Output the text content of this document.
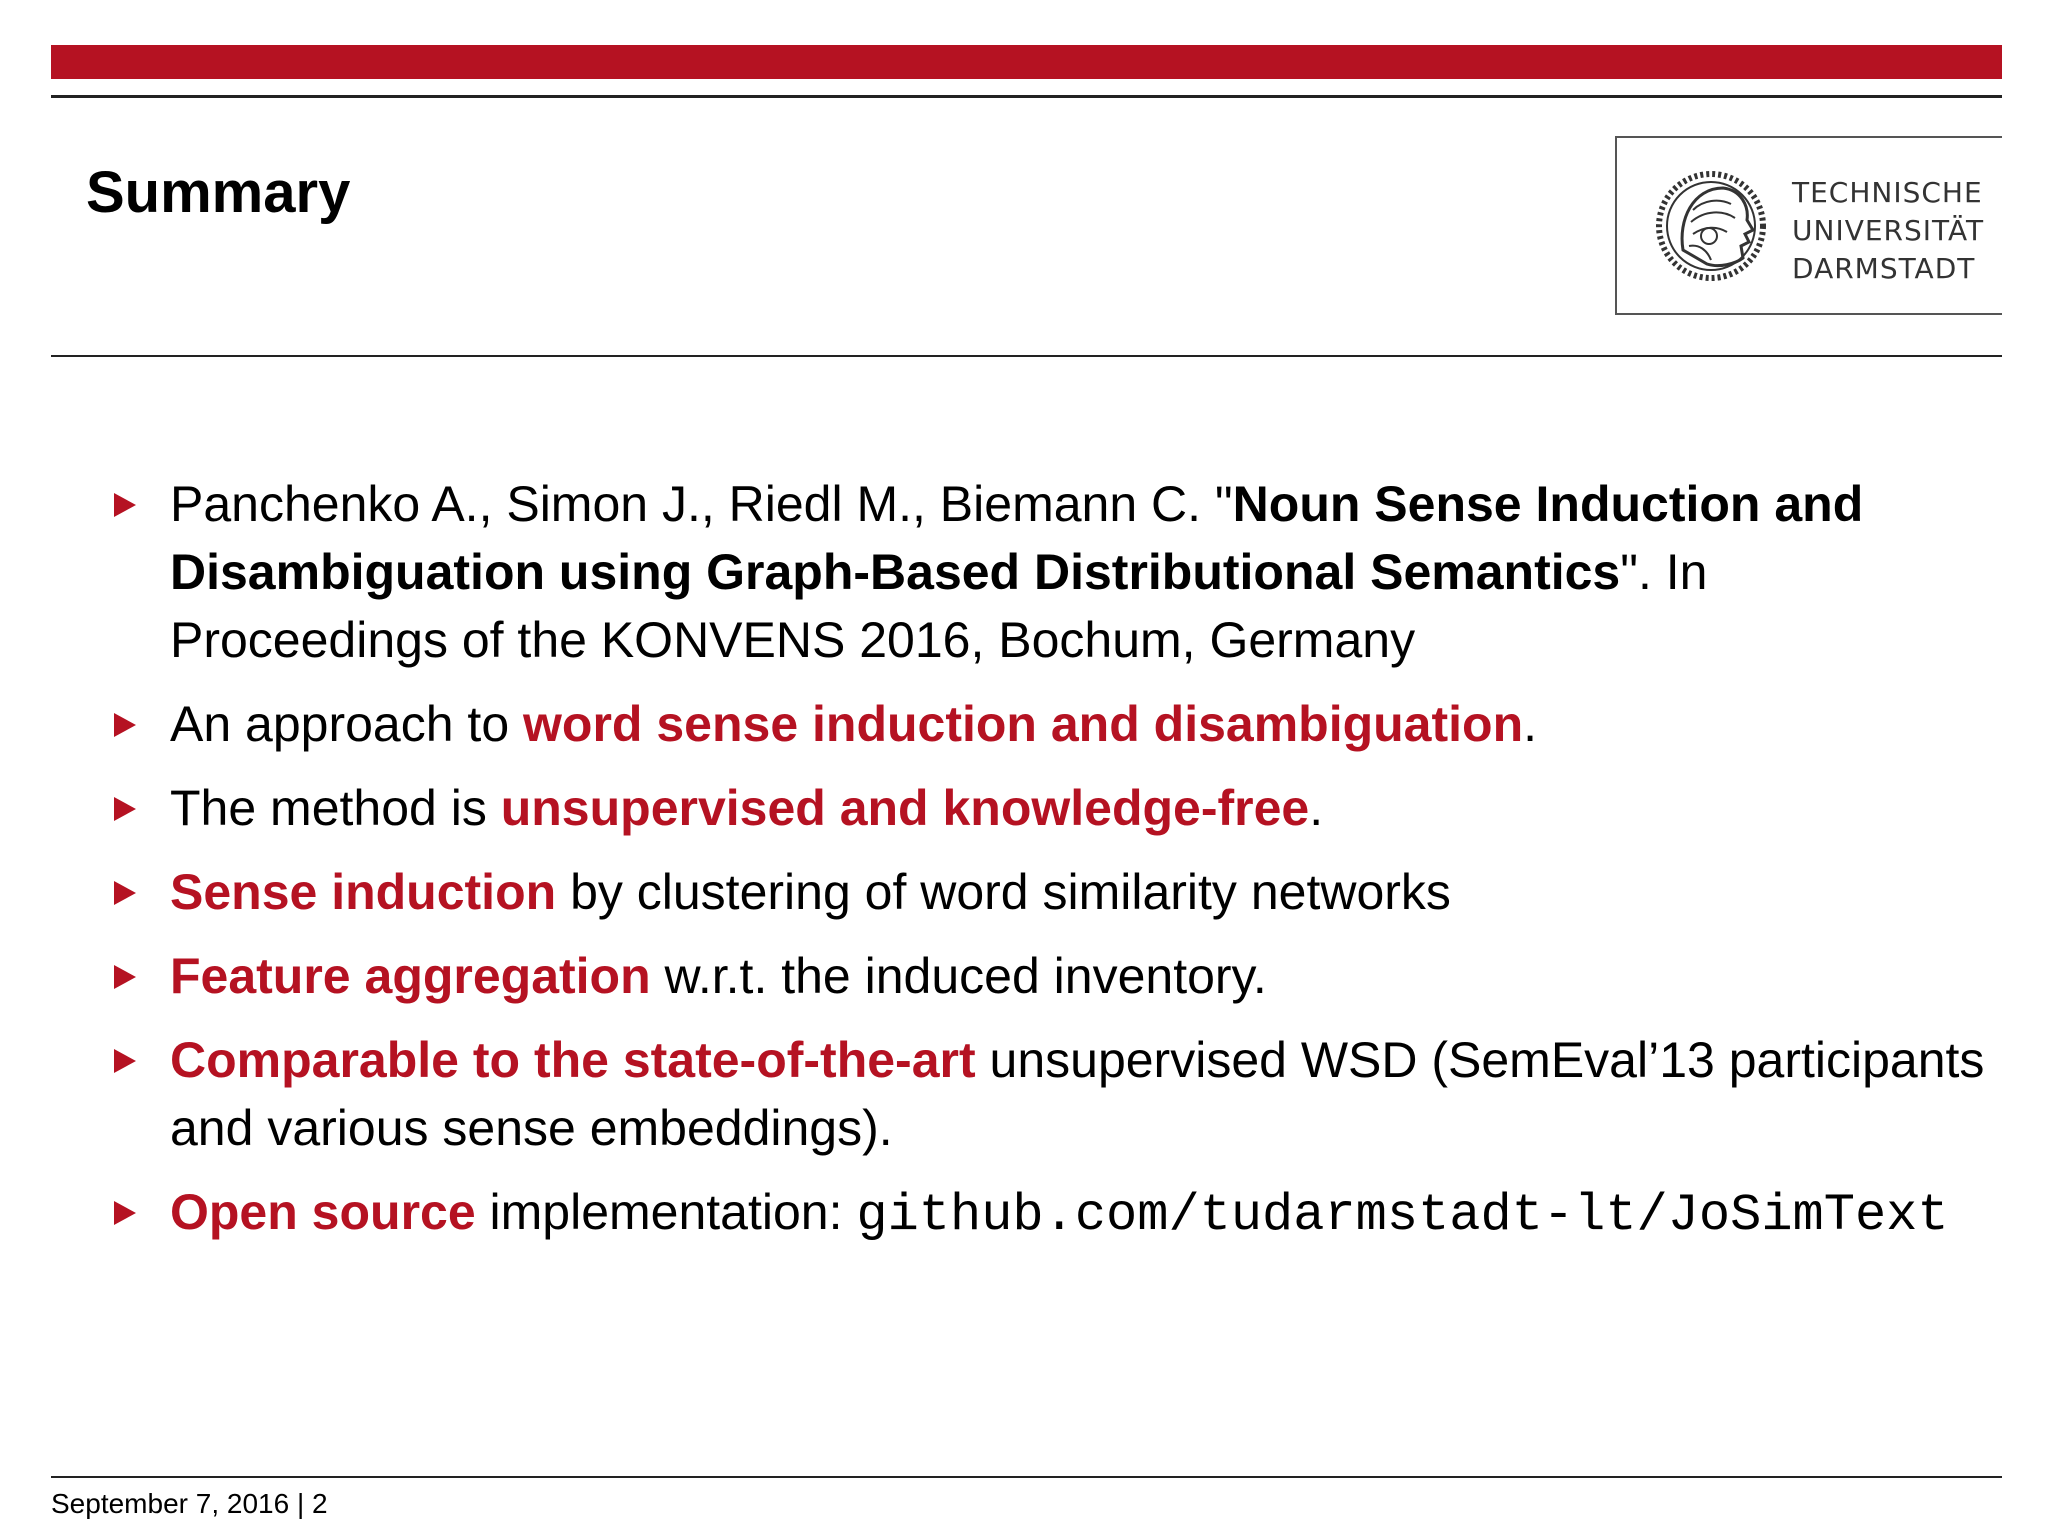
Summary	TECHNISCHE
UNIVERSITÄT
DARMSTADT
Panchenko A., Simon J., Riedl M., Biemann C. "Noun Sense Induction and Disambiguation using Graph-Based Distributional Semantics". In Proceedings of the KONVENS 2016, Bochum, Germany
An approach to word sense induction and disambiguation.
The method is unsupervised and knowledge-free.
Sense induction by clustering of word similarity networks
Feature aggregation w.r.t. the induced inventory.
Comparable to the state-of-the-art unsupervised WSD (SemEval’13 participants and various sense embeddings).
Open source implementation: github.com/tudarmstadt-lt/JoSimText
September 7, 2016 | 2
